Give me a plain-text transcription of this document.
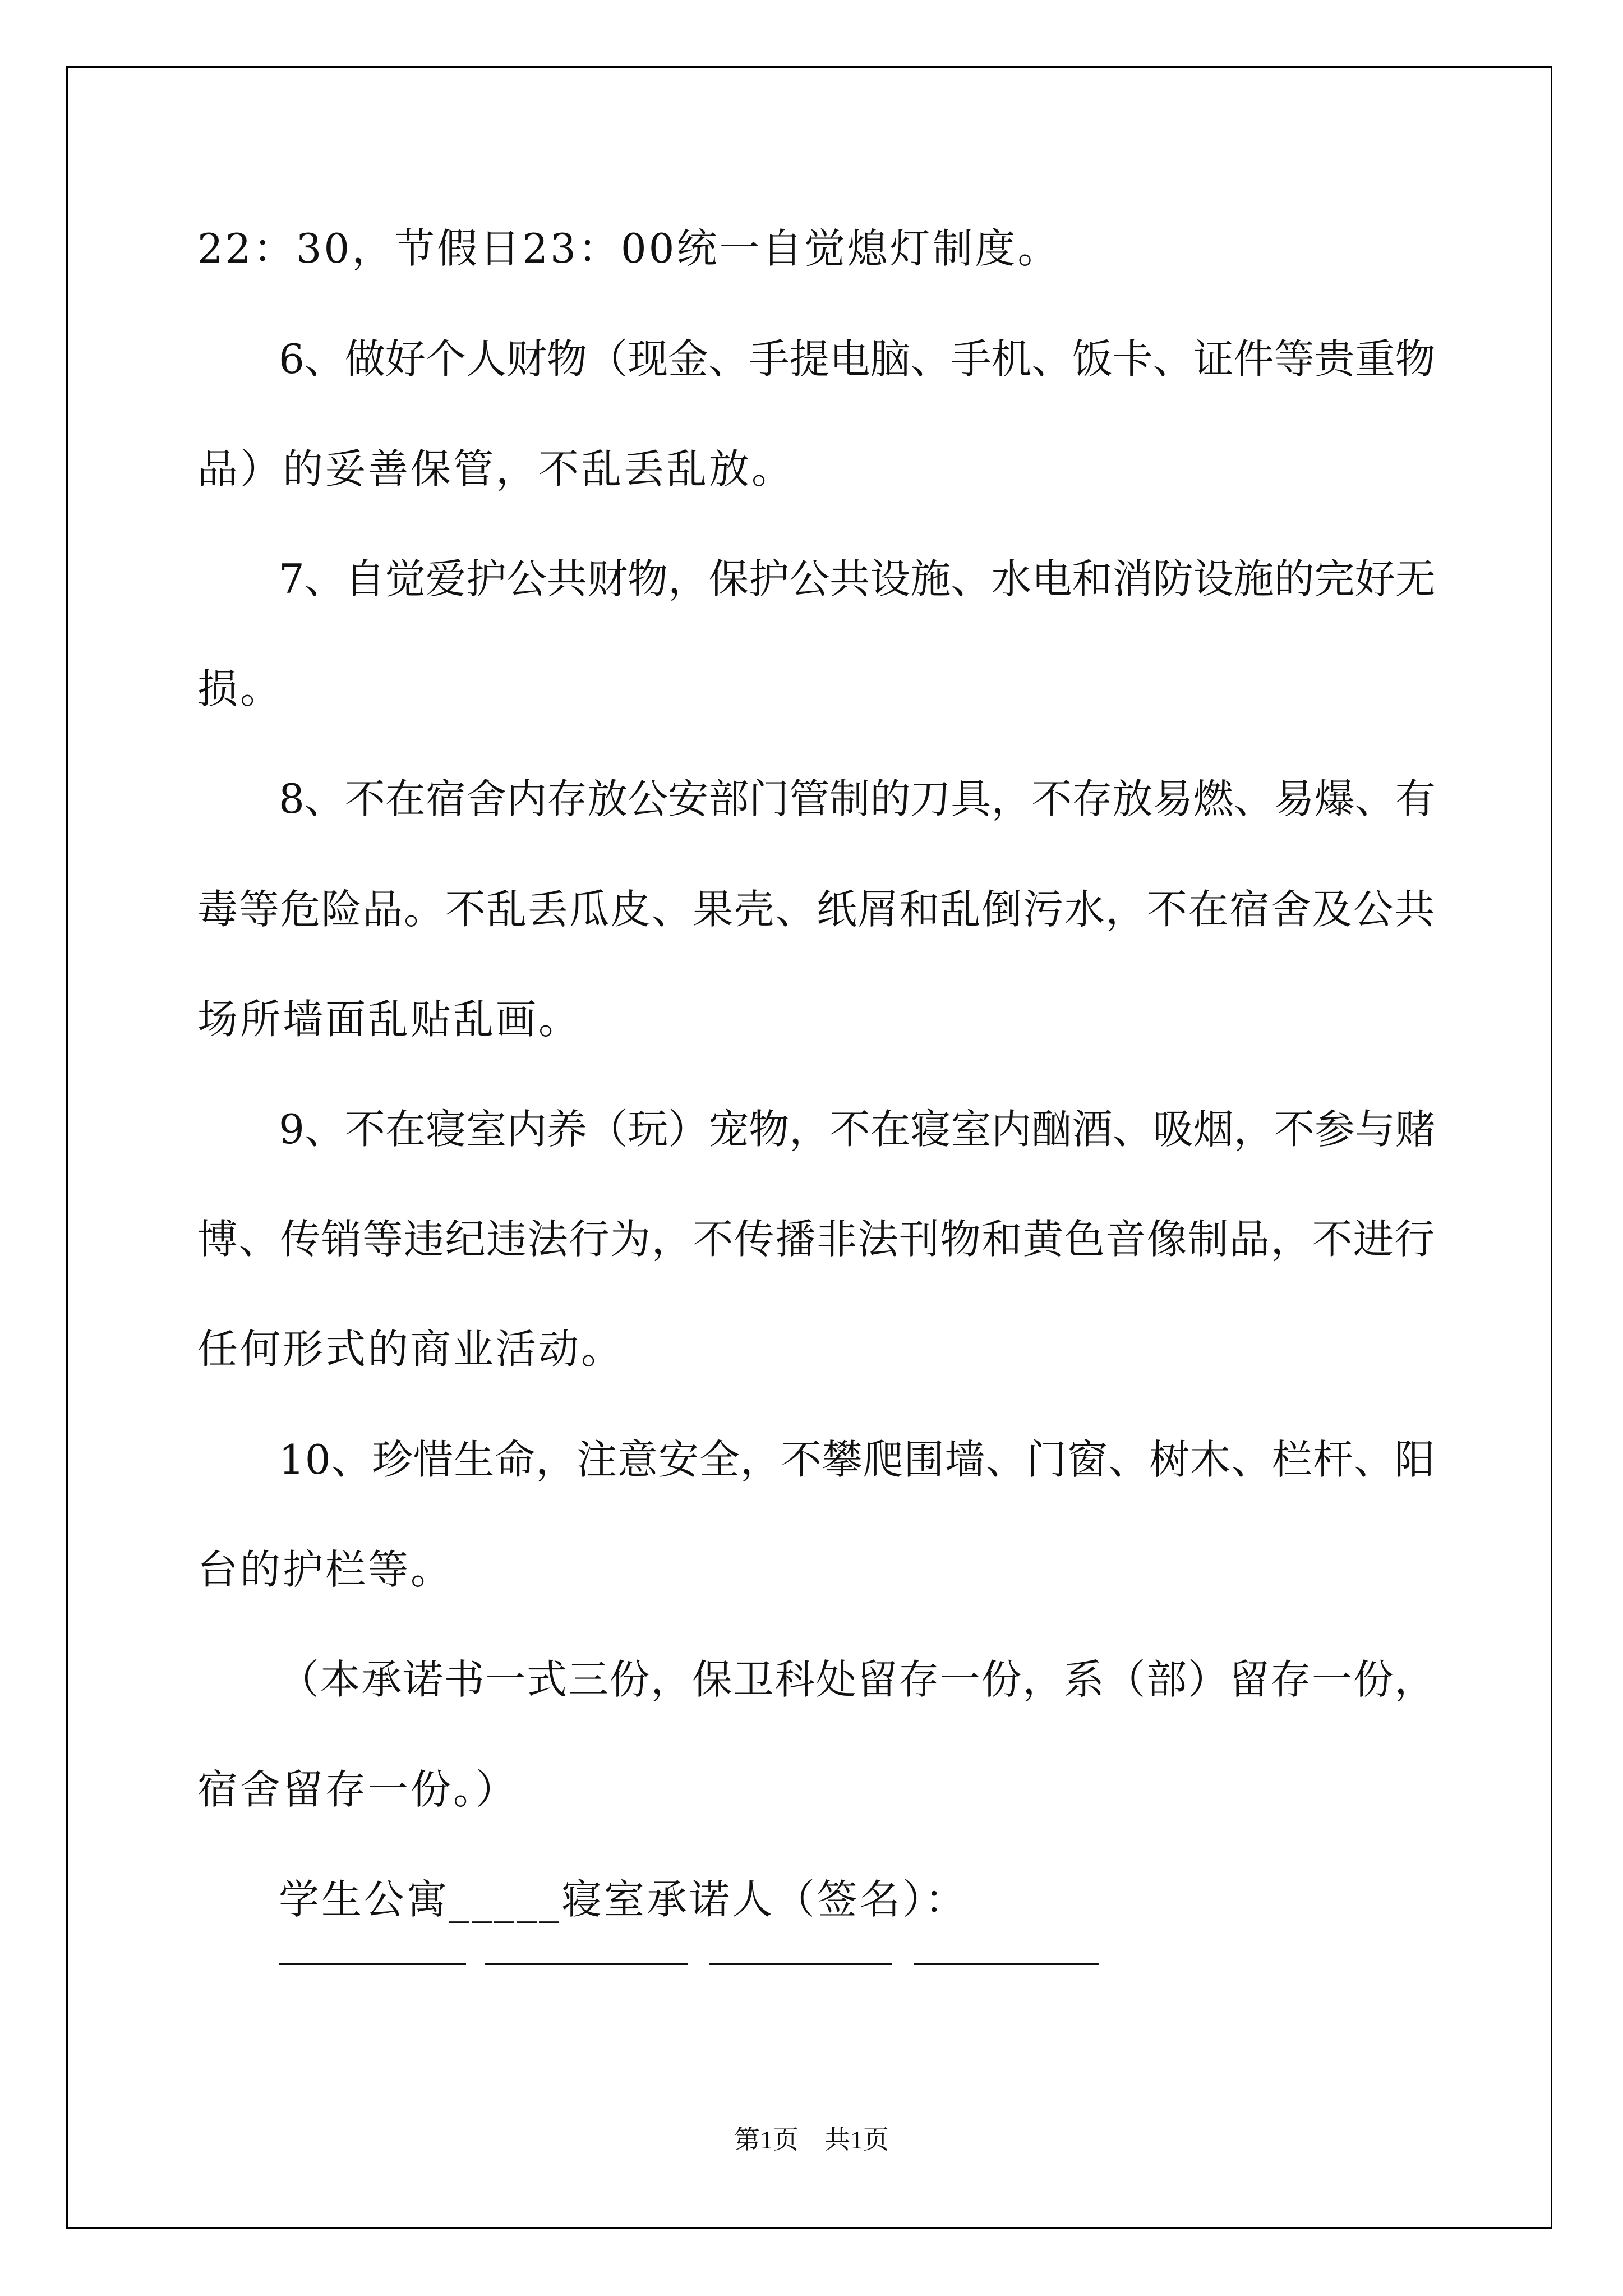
22：30，节假日23：00统一自觉熄灯制度。

6、做好个人财物（现金、手提电脑、手机、饭卡、证件等贵重物

品）的妥善保管，不乱丢乱放。

7、自觉爱护公共财物，保护公共设施、水电和消防设施的完好无

损。

8、不在宿舍内存放公安部门管制的刀具，不存放易燃、易爆、有

毒等危险品。不乱丢瓜皮、果壳、纸屑和乱倒污水，不在宿舍及公共

场所墙面乱贴乱画。

9、不在寝室内养（玩）宠物，不在寝室内酗酒、吸烟，不参与赌

博、传销等违纪违法行为，不传播非法刊物和黄色音像制品，不进行

任何形式的商业活动。

10、珍惜生命，注意安全，不攀爬围墙、门窗、树木、栏杆、阳

台的护栏等。

（本承诺书一式三份，保卫科处留存一份，系（部）留存一份，

宿舍留存一份。）

学生公寓_____寝室承诺人（签名）：

第1页　共1页
